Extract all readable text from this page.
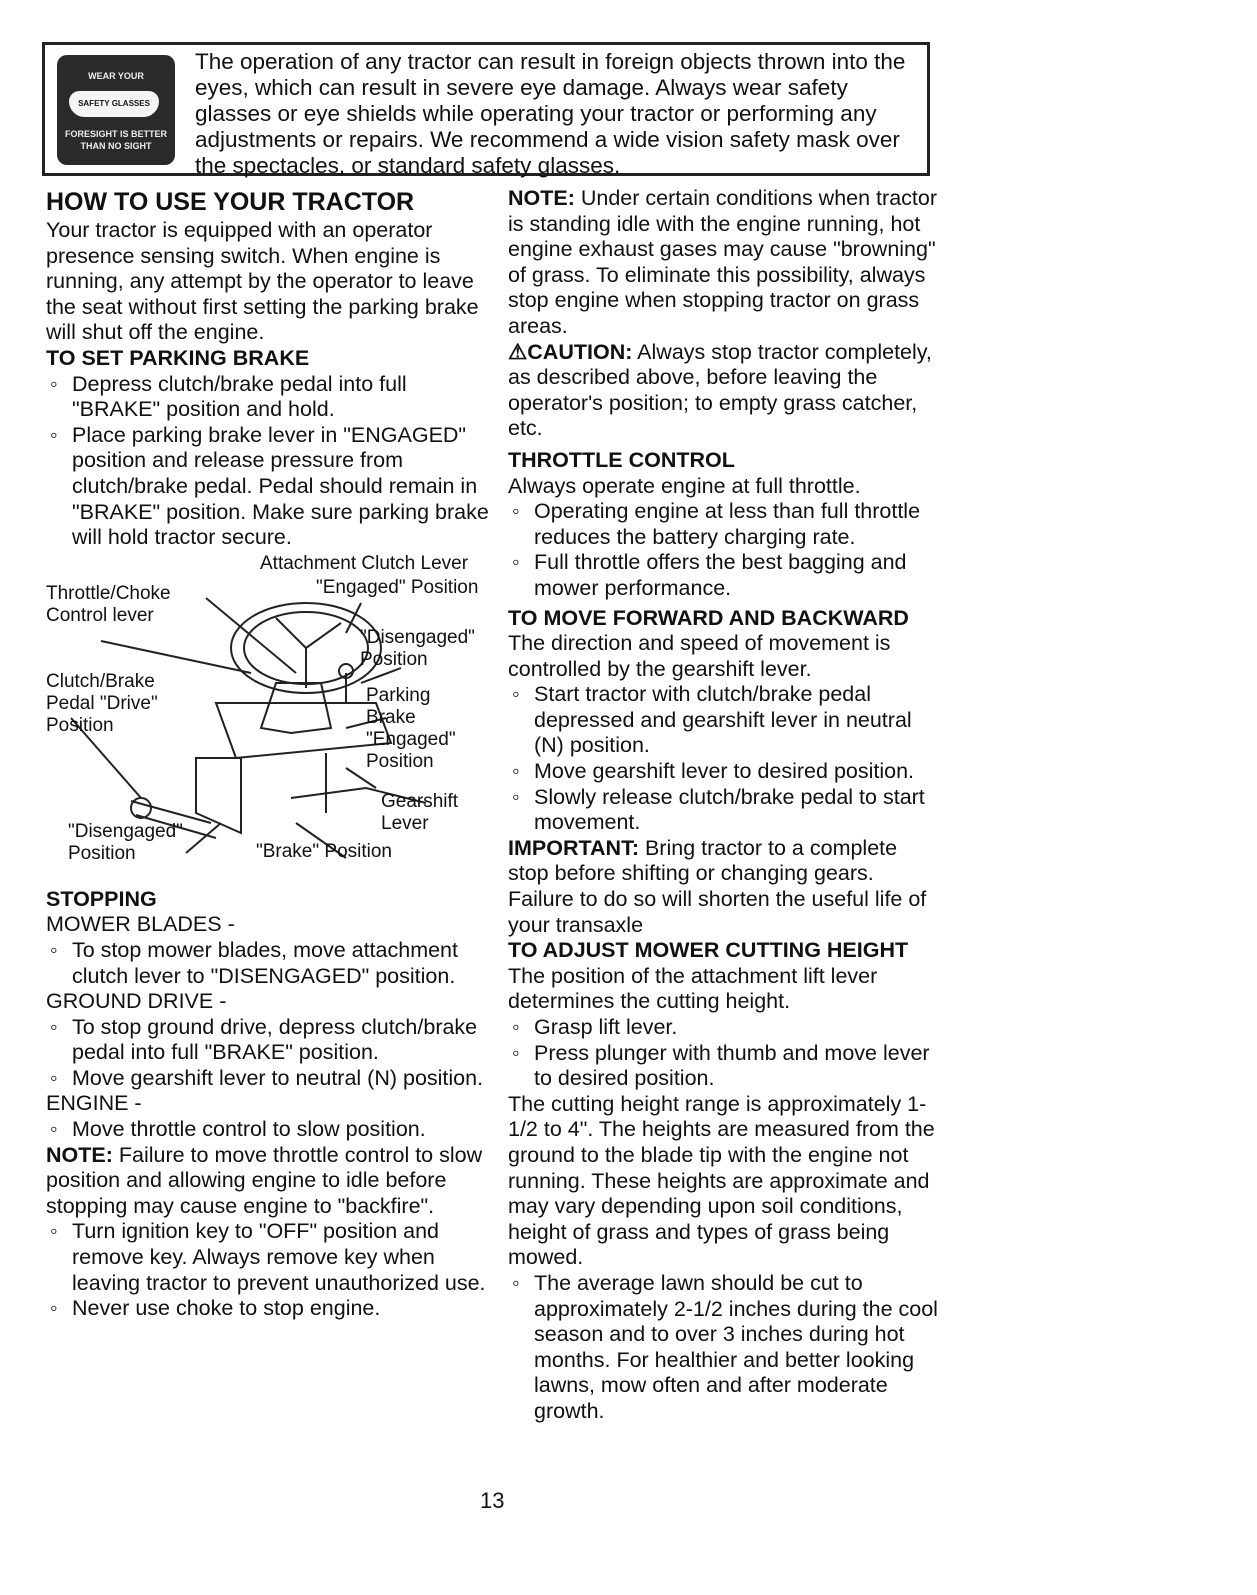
WEAR YOUR
SAFETY GLASSES
FORESIGHT IS BETTER
THAN NO SIGHT

The operation of any tractor can result in foreign objects thrown into the eyes, which can result in severe eye damage. Always wear safety glasses or eye shields while operating your tractor or performing any adjustments or repairs. We recommend a wide vision safety mask over the spectacles, or standard safety glasses.

HOW TO USE YOUR TRACTOR

Your tractor is equipped with an operator presence sensing switch. When engine is running, any attempt by the operator to leave the seat without first setting the parking brake will shut off the engine.

TO SET PARKING BRAKE

◦ Depress clutch/brake pedal into full "BRAKE" position and hold.

◦ Place parking brake lever in "ENGAGED" position and release pressure from clutch/brake pedal. Pedal should remain in "BRAKE" position. Make sure parking brake will hold tractor secure.

Attachment Clutch Lever
"Engaged" Position
Throttle/Choke
Control lever
"Disengaged"
Position
Clutch/Brake
Pedal "Drive"
Position
Parking
Brake
"Engaged"
Position
Gearshift
Lever
"Disengaged"
Position	"Brake" Position

STOPPING

MOWER BLADES -

◦ To stop mower blades, move attachment clutch lever to "DISENGAGED" position.

GROUND DRIVE -

◦ To stop ground drive, depress clutch/brake pedal into full "BRAKE" position.

◦ Move gearshift lever to neutral (N) position.

ENGINE -

◦ Move throttle control to slow position.

NOTE: Failure to move throttle control to slow position and allowing engine to idle before stopping may cause engine to "backfire".

◦ Turn ignition key to "OFF" position and remove key. Always remove key when leaving tractor to prevent unauthorized use.

◦ Never use choke to stop engine.

NOTE: Under certain conditions when tractor is standing idle with the engine running, hot engine exhaust gases may cause "browning" of grass. To eliminate this possibility, always stop engine when stopping tractor on grass areas.

⚠CAUTION: Always stop tractor completely, as described above, before leaving the operator's position; to empty grass catcher, etc.

THROTTLE CONTROL

Always operate engine at full throttle.

◦ Operating engine at less than full throttle reduces the battery charging rate.

◦ Full throttle offers the best bagging and mower performance.

TO MOVE FORWARD AND BACKWARD

The direction and speed of movement is controlled by the gearshift lever.

◦ Start tractor with clutch/brake pedal depressed and gearshift lever in neutral (N) position.

◦ Move gearshift lever to desired position.

◦ Slowly release clutch/brake pedal to start movement.

IMPORTANT: Bring tractor to a complete stop before shifting or changing gears. Failure to do so will shorten the useful life of your transaxle

TO ADJUST MOWER CUTTING HEIGHT

The position of the attachment lift lever determines the cutting height.

◦ Grasp lift lever.

◦ Press plunger with thumb and move lever to desired position.

The cutting height range is approximately 1-1/2 to 4". The heights are measured from the ground to the blade tip with the engine not running. These heights are approximate and may vary depending upon soil conditions, height of grass and types of grass being mowed.

◦ The average lawn should be cut to approximately 2-1/2 inches during the cool season and to over 3 inches during hot months. For healthier and better looking lawns, mow often and after moderate growth.

13
